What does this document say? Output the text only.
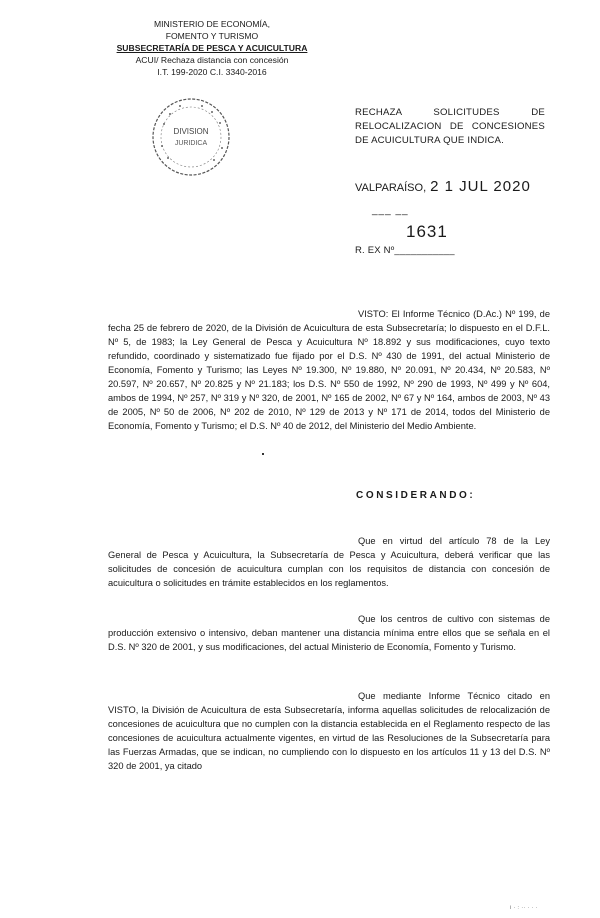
MINISTERIO DE ECONOMÍA,
FOMENTO Y TURISMO
SUBSECRETARÍA DE PESCA Y ACUICULTURA
ACUI/ Rechaza distancia con concesión
I.T. 199-2020 C.I. 3340-2016
DIVISION
JURIDICA
RECHAZA SOLICITUDES DE RELOCALIZACION DE CONCESIONES DE ACUICULTURA QUE INDICA.
VALPARAÍSO, 2 1 JUL 2020
___ __
1631
R. EX Nº___________
VISTO: El Informe Técnico (D.Ac.) Nº 199, de fecha 25 de febrero de 2020, de la División de Acuicultura de esta Subsecretaría; lo dispuesto en el D.F.L. Nº 5, de 1983; la Ley General de Pesca y Acuicultura Nº 18.892 y sus modificaciones, cuyo texto refundido, coordinado y sistematizado fue fijado por el D.S. Nº 430 de 1991, del actual Ministerio de Economía, Fomento y Turismo; las Leyes Nº 19.300, Nº 19.880, Nº 20.091, Nº 20.434, Nº 20.583, Nº 20.597, Nº 20.657, Nº 20.825 y Nº 21.183; los D.S. Nº 550 de 1992, Nº 290 de 1993, Nº 499 y Nº 604, ambos de 1994, Nº 257, Nº 319 y Nº 320, de 2001, Nº 165 de 2002, Nº 67 y Nº 164, ambos de 2003, Nº 43 de 2005, Nº 50 de 2006, Nº 202 de 2010, Nº 129 de 2013 y Nº 171 de 2014, todos del Ministerio de Economía, Fomento y Turismo; el D.S. Nº 40 de 2012, del Ministerio del Medio Ambiente.
CONSIDERANDO:
Que en virtud del artículo 78 de la Ley General de Pesca y Acuicultura, la Subsecretaría de Pesca y Acuicultura, deberá verificar que las solicitudes de concesión de acuicultura cumplan con los requisitos de distancia con concesión de acuicultura o solicitudes en trámite establecidos en los reglamentos.
Que los centros de cultivo con sistemas de producción extensivo o intensivo, deban mantener una distancia mínima entre ellos que se señala en el D.S. Nº 320 de 2001, y sus modificaciones, del actual Ministerio de Economía, Fomento y Turismo.
Que mediante Informe Técnico citado en VISTO, la División de Acuicultura de esta Subsecretaría, informa aquellas solicitudes de relocalización de concesiones de acuicultura que no cumplen con la distancia establecida en el Reglamento respecto de las concesiones de acuicultura actualmente vigentes, en virtud de las Resoluciones de la Subsecretaría para las Fuerzas Armadas, que se indican, no cumpliendo con lo dispuesto en los artículos 11 y 13 del D.S. Nº 320 de 2001, ya citado
i · : ·· · · ·
